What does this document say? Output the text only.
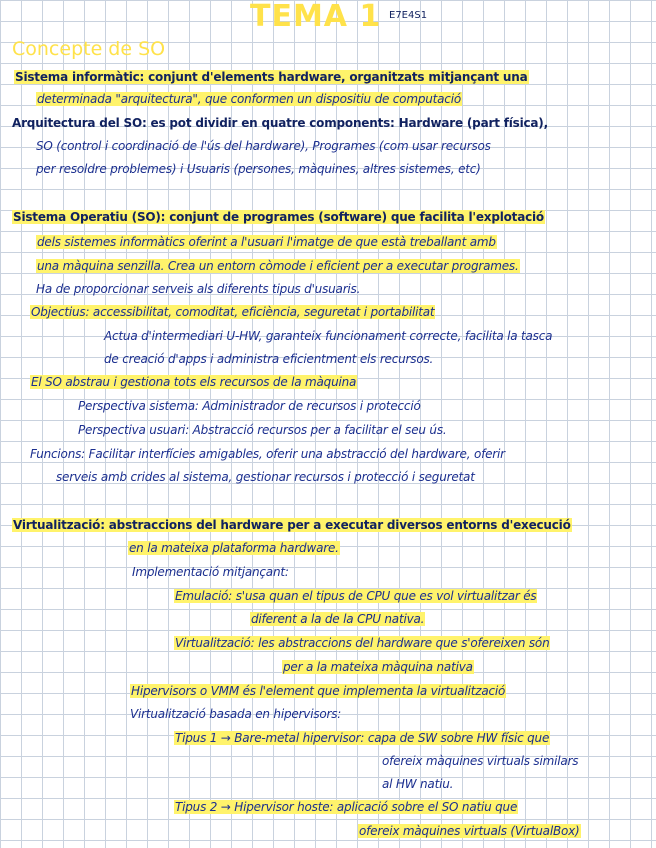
TEMA 1 E7E4S1
Concepte de SO
Sistema informàtic: conjunt d'elements hardware, organitzats mitjançant una
determinada "arquitectura", que conformen un dispositiu de computació
Arquitectura del SO: es pot dividir en quatre components: Hardware (part física),
SO (control i coordinació de l'ús del hardware), Programes (com usar recursos
per resoldre problemes) i Usuaris (persones, màquines, altres sistemes, etc)
Sistema Operatiu (SO): conjunt de programes (software) que facilita l'explotació
dels sistemes informàtics oferint a l'usuari l'imatge de que està treballant amb
una màquina senzilla. Crea un entorn còmode i eficient per a executar programes.
Ha de proporcionar serveis als diferents tipus d'usuaris.
Objectius: accessibilitat, comoditat, eficiència, seguretat i portabilitat
Actua d'intermediari U-HW, garanteix funcionament correcte, facilita la tasca
de creació d'apps i administra eficientment els recursos.
El SO abstrau i gestiona tots els recursos de la màquina
Perspectiva sistema: Administrador de recursos i protecció
Perspectiva usuari: Abstracció recursos per a facilitar el seu ús.
Funcions: Facilitar interfícies amigables, oferir una abstracció del hardware, oferir
serveis amb crides al sistema, gestionar recursos i protecció i seguretat
Virtualització: abstraccions del hardware per a executar diversos entorns d'execució
en la mateixa plataforma hardware.
Implementació mitjançant:
Emulació: s'usa quan el tipus de CPU que es vol virtualitzar és
diferent a la de la CPU nativa.
Virtualització: les abstraccions del hardware que s'ofereixen són
per a la mateixa màquina nativa
Hipervisors o VMM és l'element que implementa la virtualització
Virtualització basada en hipervisors:
Tipus 1 → Bare-metal hipervisor: capa de SW sobre HW físic que
ofereix màquines virtuals similars
al HW natiu.
Tipus 2 → Hipervisor hoste: aplicació sobre el SO natiu que
ofereix màquines virtuals (VirtualBox)
